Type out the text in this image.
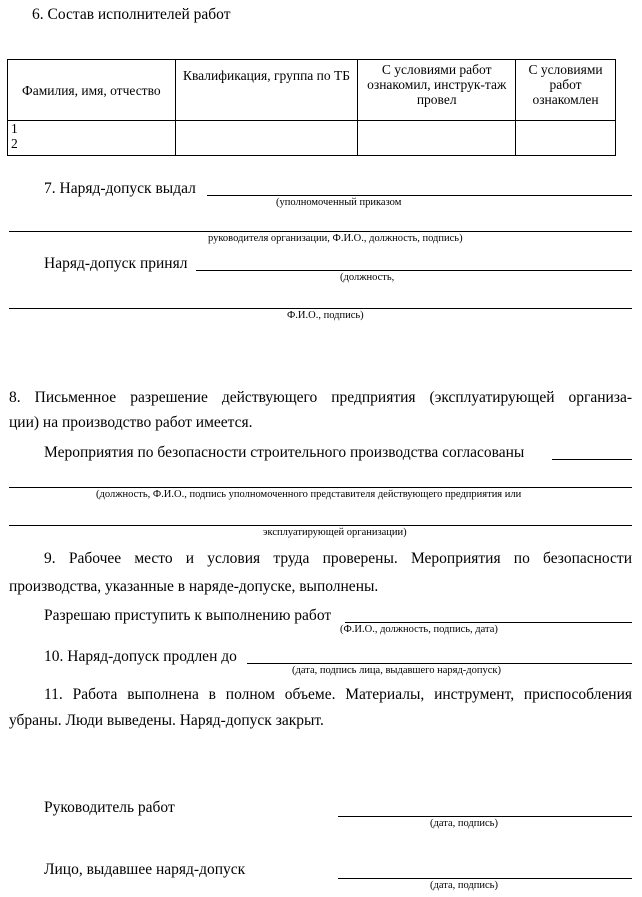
6. Состав исполнителей работ
Фамилия, имя, отчество	Квалификация, группа по ТБ	С условиями работ ознакомил, инструк-таж провел	С условиями работ ознакомлен

1
2			

7. Наряд-допуск выдал
(уполномоченный приказом
руководителя организации, Ф.И.О., должность, подпись)
Наряд-допуск принял
(должность,
Ф.И.О., подпись)
8. Письменное разрешение действующего предприятия (эксплуатирующей организа-
ции) на производство работ имеется.
Мероприятия по безопасности строительного производства согласованы
(должность, Ф.И.О., подпись уполномоченного представителя действующего предприятия или
эксплуатирующей организации)
9. Рабочее место и условия труда проверены. Мероприятия по безопасности
производства, указанные в наряде-допуске, выполнены.
Разрешаю приступить к выполнению работ
(Ф.И.О., должность, подпись, дата)
10. Наряд-допуск продлен до
(дата, подпись лица, выдавшего наряд-допуск)
11. Работа выполнена в полном объеме. Материалы, инструмент, приспособления
убраны. Люди выведены. Наряд-допуск закрыт.
Руководитель работ
(дата, подпись)
Лицо, выдавшее наряд-допуск
(дата, подпись)
